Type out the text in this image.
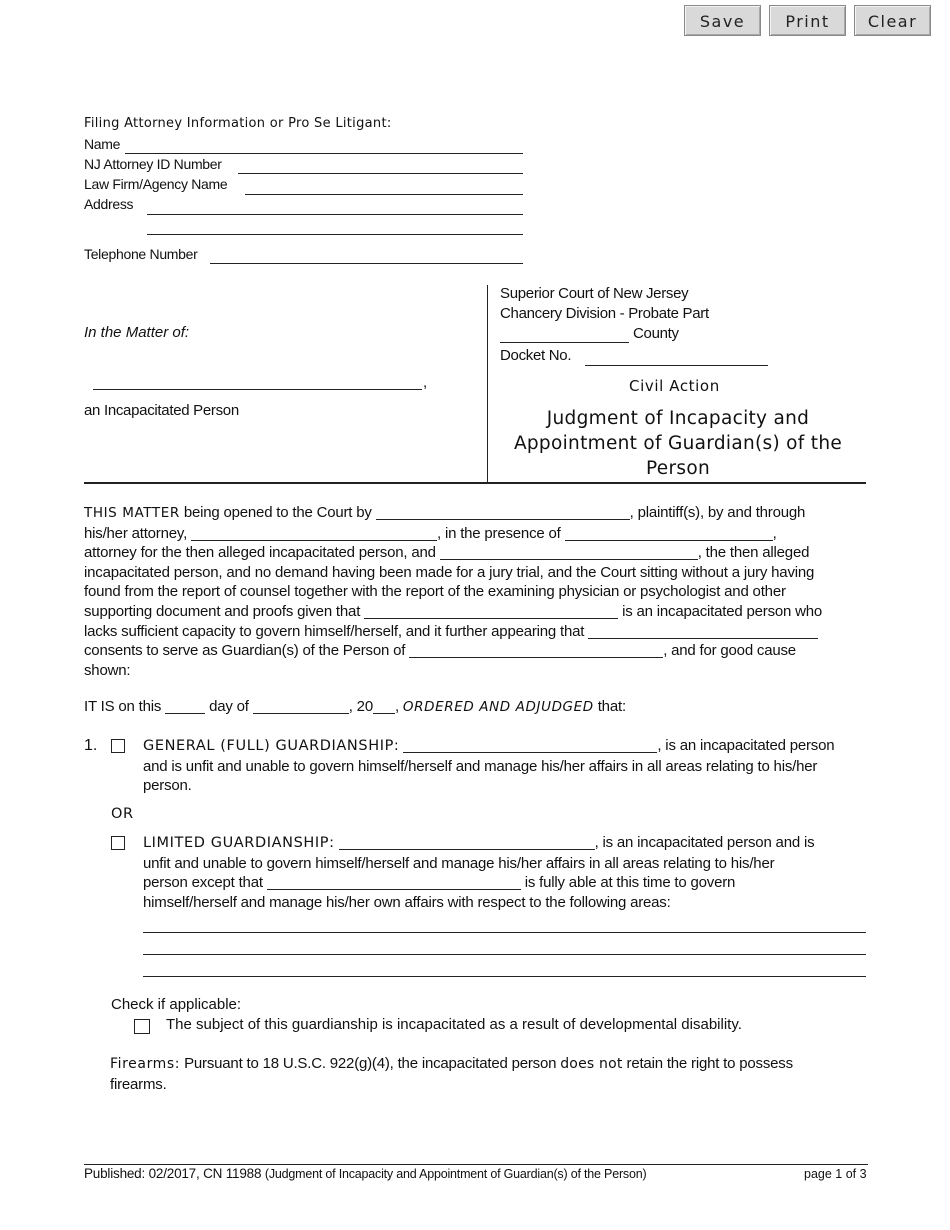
Save	Print	Clear
Filing Attorney Information or Pro Se Litigant:
Name
NJ Attorney ID Number
Law Firm/Agency Name
Address
Telephone Number
In the Matter of:
,
an Incapacitated Person
Superior Court of New Jersey
Chancery Division - Probate Part
County
Docket No.
Civil Action
Judgment of Incapacity and
Appointment of Guardian(s) of the
Person
THIS MATTER being opened to the Court by	, plaintiff(s), by and through
his/her attorney,	, in the presence of	,
attorney for the then alleged incapacitated person, and	, the then alleged
incapacitated person, and no demand having been made for a jury trial, and the Court sitting without a jury having
found from the report of counsel together with the report of the examining physician or psychologist and other
supporting document and proofs given that	is an incapacitated person who
lacks sufficient capacity to govern himself/herself, and it further appearing that
consents to serve as Guardian(s) of the Person of	, and for good cause
shown:
IT IS on this	day of	, 20 , ORDERED AND ADJUDGED that:
1.	GENERAL (FULL) GUARDIANSHIP:	, is an incapacitated person
and is unfit and unable to govern himself/herself and manage his/her affairs in all areas relating to his/her
person.
OR
LIMITED GUARDIANSHIP:	, is an incapacitated person and is
unfit and unable to govern himself/herself and manage his/her affairs in all areas relating to his/her
person except that	is fully able at this time to govern
himself/herself and manage his/her own affairs with respect to the following areas:
Check if applicable:
The subject of this guardianship is incapacitated as a result of developmental disability.
Firearms: Pursuant to 18 U.S.C. 922(g)(4), the incapacitated person does not retain the right to possess
firearms.
Published: 02/2017, CN 11988 (Judgment of Incapacity and Appointment of Guardian(s) of the Person)	page 1 of 3
